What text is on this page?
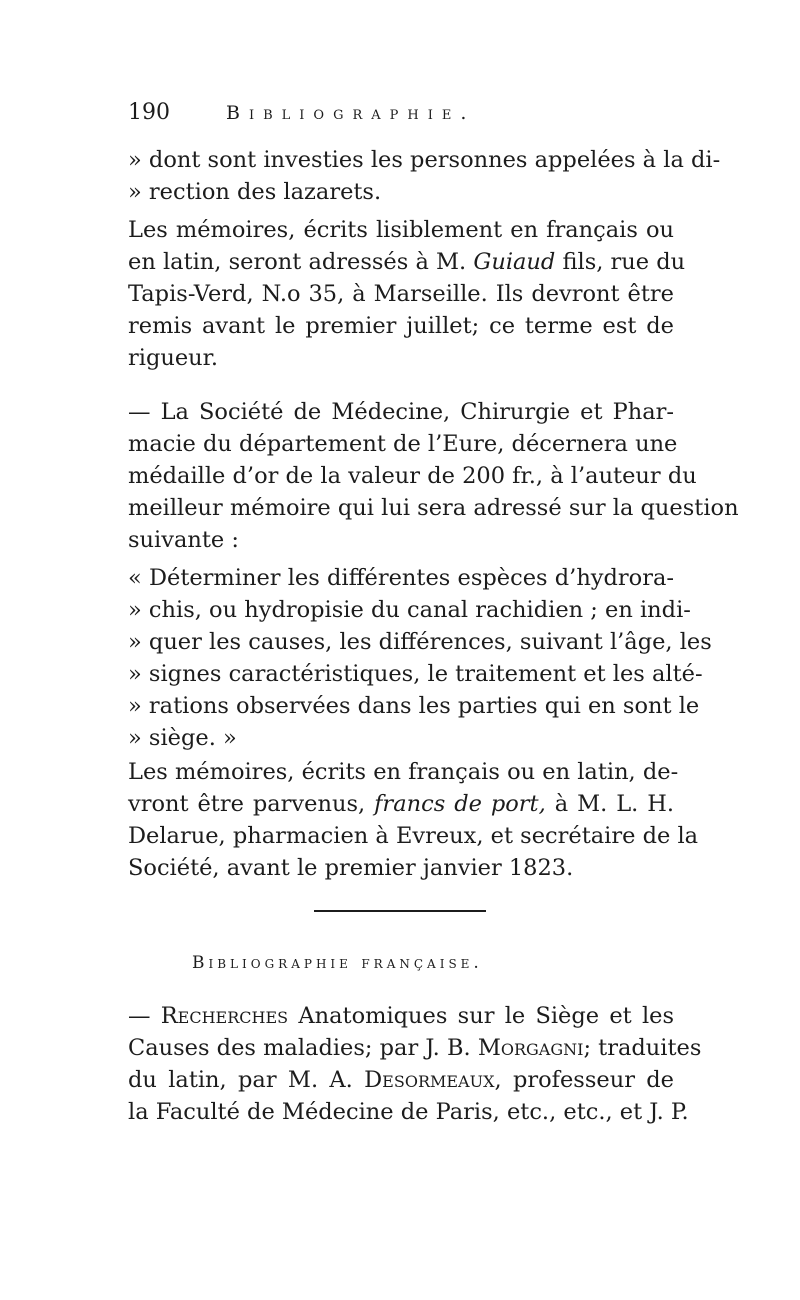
190	Bibliographie.
» dont sont investies les personnes appelées à la di-
» rection des lazarets.
Les mémoires, écrits lisiblement en français ou
en latin, seront adressés à M. Guiaud fils, rue du
Tapis-Verd, N.o 35, à Marseille. Ils devront être
remis avant le premier juillet; ce terme est de
rigueur.
— La Société de Médecine, Chirurgie et Phar-
macie du département de l’Eure, décernera une
médaille d’or de la valeur de 200 fr., à l’auteur du
meilleur mémoire qui lui sera adressé sur la question
suivante :
« Déterminer les différentes espèces d’hydrora-
» chis, ou hydropisie du canal rachidien ; en indi-
» quer les causes, les différences, suivant l’âge, les
» signes caractéristiques, le traitement et les alté-
» rations observées dans les parties qui en sont le
» siège. »
Les mémoires, écrits en français ou en latin, de-
vront être parvenus, francs de port, à M. L. H.
Delarue, pharmacien à Evreux, et secrétaire de la
Société, avant le premier janvier 1823.
Bibliographie française.
— Recherches Anatomiques sur le Siège et les
Causes des maladies; par J. B. Morgagni; traduites
du latin, par M. A. Desormeaux, professeur de
la Faculté de Médecine de Paris, etc., etc., et J. P.
